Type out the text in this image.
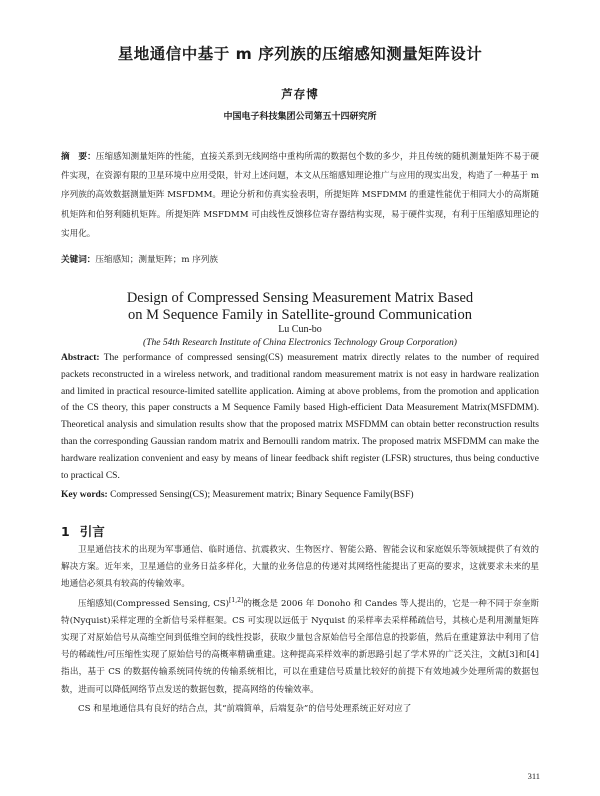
星地通信中基于 m 序列族的压缩感知测量矩阵设计
芦存博
中国电子科技集团公司第五十四研究所
摘　要：压缩感知测量矩阵的性能，直接关系到无线网络中重构所需的数据包个数的多少，并且传统的随机测量矩阵不易于硬件实现，在资源有限的卫星环境中应用受限，针对上述问题，本文从压缩感知理论推广与应用的现实出发，构造了一种基于 m 序列族的高效数据测量矩阵 MSFDMM。理论分析和仿真实验表明，所提矩阵 MSFDMM 的重建性能优于相同大小的高斯随机矩阵和伯努利随机矩阵。所提矩阵 MSFDMM 可由线性反馈移位寄存器结构实现，易于硬件实现，有利于压缩感知理论的实用化。
关键词：压缩感知；测量矩阵；m 序列族
Design of Compressed Sensing Measurement Matrix Based
on M Sequence Family in Satellite-ground Communication
Lu Cun-bo
(The 54th Research Institute of China Electronics Technology Group Corporation)
Abstract: The performance of compressed sensing(CS) measurement matrix directly relates to the number of required packets reconstructed in a wireless network, and traditional random measurement matrix is not easy in hardware realization and limited in practical resource-limited satellite application. Aiming at above problems, from the promotion and application of the CS theory, this paper constructs a M Sequence Family based High-efficient Data Measurement Matrix(MSFDMM). Theoretical analysis and simulation results show that the proposed matrix MSFDMM can obtain better reconstruction results than the corresponding Gaussian random matrix and Bernoulli random matrix. The proposed matrix MSFDMM can make the hardware realization convenient and easy by means of linear feedback shift register (LFSR) structures, thus being conductive to practical CS.
Key words: Compressed Sensing(CS); Measurement matrix; Binary Sequence Family(BSF)
1 引言

卫星通信技术的出现为军事通信、临时通信、抗震救灾、生物医疗、智能公路、智能会议和家庭娱乐等领域提供了有效的解决方案。近年来，卫星通信的业务日益多样化，大量的业务信息的传递对其网络性能提出了更高的要求，这就要求未来的星地通信必须具有较高的传输效率。

压缩感知(Compressed Sensing, CS)[1,2]的概念是 2006 年 Donoho 和 Candes 等人提出的，它是一种不同于奈奎斯特(Nyquist)采样定理的全新信号采样框架。CS 可实现以远低于 Nyquist 的采样率去采样稀疏信号，其核心是利用测量矩阵实现了对原始信号从高维空间到低维空间的线性投影，获取少量包含原始信号全部信息的投影值，然后在重建算法中利用了信号的稀疏性/可压缩性实现了原始信号的高概率精确重建。这种提高采样效率的新思路引起了学术界的广泛关注，文献[3]和[4]指出，基于 CS 的数据传输系统同传统的传输系统相比，可以在重建信号质量比较好的前提下有效地减少处理所需的数据包数，进而可以降低网络节点发送的数据包数，提高网络的传输效率。

CS 和星地通信具有良好的结合点，其“前端简单，后端复杂”的信号处理系统正好对应了

311
